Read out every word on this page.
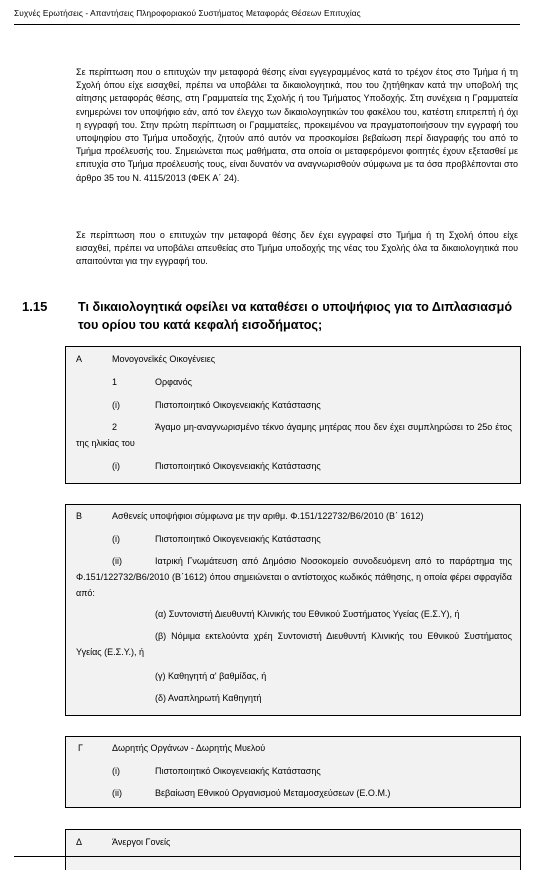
Συχνές Ερωτήσεις - Απαντήσεις Πληροφοριακού Συστήματος Μεταφοράς Θέσεων Επιτυχίας

Σε περίπτωση που ο επιτυχών την μεταφορά θέσης είναι εγγεγραμμένος κατά το τρέχον έτος στο Τμήμα ή τη Σχολή όπου είχε εισαχθεί, πρέπει να υποβάλει τα δικαιολογητικά, που του ζητήθηκαν κατά την υποβολή της αίτησης μεταφοράς θέσης, στη Γραμματεία της Σχολής ή του Τμήματος Υποδοχής. Στη συνέχεια η Γραμματεία ενημερώνει τον υποψήφιο εάν, από τον έλεγχο των δικαιολογητικών του φακέλου του, κατέστη επιτρεπτή ή όχι η εγγραφή του. Στην πρώτη περίπτωση οι Γραμματείες, προκειμένου να πραγματοποιήσουν την εγγραφή του υποψηφίου στο Τμήμα υποδοχής, ζητούν από αυτόν να προσκομίσει βεβαίωση περί διαγραφής του από το Τμήμα προέλευσής του. Σημειώνεται πως μαθήματα, στα οποία οι μεταφερόμενοι φοιτητές έχουν εξετασθεί με επιτυχία στο Τμήμα προέλευσής τους, είναι δυνατόν να αναγνωρισθούν σύμφωνα με τα όσα προβλέπονται στο άρθρο 35 του Ν. 4115/2013 (ΦΕΚ Α΄ 24).

Σε περίπτωση που ο επιτυχών την μεταφορά θέσης δεν έχει εγγραφεί στο Τμήμα ή τη Σχολή όπου είχε εισαχθεί, πρέπει να υποβάλει απευθείας στο Τμήμα υποδοχής της νέας του Σχολής όλα τα δικαιολογητικά που απαιτούνται για την εγγραφή του.

1.15 Τι δικαιολογητικά οφείλει να καταθέσει ο υποψήφιος για το Διπλασιασμό του ορίου του κατά κεφαλή εισοδήματος;

Α	Μονογονεϊκές Οικογένειες
1	Ορφανός
(i)	Πιστοποιητικό Οικογενειακής Κατάστασης
2	Άγαμο μη-αναγνωρισμένο τέκνο άγαμης μητέρας που δεν έχει συμπληρώσει το 25ο έτος της ηλικίας του
(i)	Πιστοποιητικό Οικογενειακής Κατάστασης
Β	Ασθενείς υποψήφιοι σύμφωνα με την αριθμ. Φ.151/122732/Β6/2010 (Β΄ 1612)
(i)	Πιστοποιητικό Οικογενειακής Κατάστασης
(ii)	Ιατρική Γνωμάτευση από Δημόσιο Νοσοκομείο συνοδευόμενη από το παράρτημα της Φ.151/122732/Β6/2010 (Β΄1612) όπου σημειώνεται ο αντίστοιχος κωδικός πάθησης, η οποία φέρει σφραγίδα από:
(α) Συντονιστή Διευθυντή Κλινικής του Εθνικού Συστήματος Υγείας (Ε.Σ.Υ), ή
(β) Νόμιμα εκτελούντα χρέη Συντονιστή Διευθυντή Κλινικής του Εθνικού Συστήματος Υγείας (Ε.Σ.Υ.), ή
(γ) Καθηγητή α' βαθμίδας, ή
(δ) Αναπληρωτή Καθηγητή
Γ	Δωρητής Οργάνων - Δωρητής Μυελού
(i)	Πιστοποιητικό Οικογενειακής Κατάστασης
(ii)	Βεβαίωση Εθνικού Οργανισμού Μεταμοσχεύσεων (Ε.Ο.Μ.)
Δ	Άνεργοι Γονείς
